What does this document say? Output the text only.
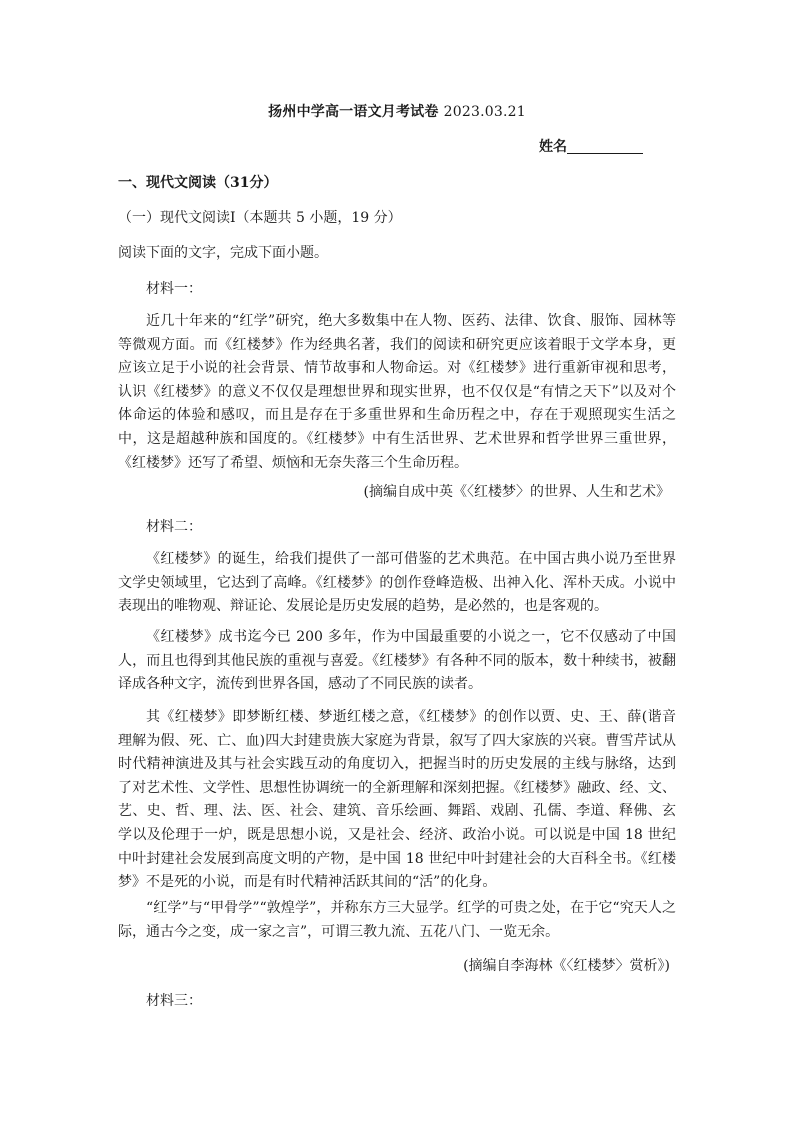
扬州中学高一语文月考试卷 2023.03.21
姓名
一、现代文阅读（31分）
（一）现代文阅读Ⅰ（本题共 5 小题，19 分）
阅读下面的文字，完成下面小题。
材料一：

近几十年来的“红学”研究，绝大多数集中在人物、医药、法律、饮食、服饰、园林等等微观方面。而《红楼梦》作为经典名著，我们的阅读和研究更应该着眼于文学本身，更应该立足于小说的社会背景、情节故事和人物命运。对《红楼梦》进行重新审视和思考，认识《红楼梦》的意义不仅仅是理想世界和现实世界，也不仅仅是“有情之天下”以及对个体命运的体验和感叹，而且是存在于多重世界和生命历程之中，存在于观照现实生活之中，这是超越种族和国度的。《红楼梦》中有生活世界、艺术世界和哲学世界三重世界，《红楼梦》还写了希望、烦恼和无奈失落三个生命历程。

(摘编自成中英《〈红楼梦〉的世界、人生和艺术》
材料二：

《红楼梦》的诞生，给我们提供了一部可借鉴的艺术典范。在中国古典小说乃至世界文学史领域里，它达到了高峰。《红楼梦》的创作登峰造极、出神入化、浑朴天成。小说中表现出的唯物观、辩证论、发展论是历史发展的趋势，是必然的，也是客观的。

《红楼梦》成书迄今已 200 多年，作为中国最重要的小说之一，它不仅感动了中国人，而且也得到其他民族的重视与喜爱。《红楼梦》有各种不同的版本，数十种续书，被翻译成各种文字，流传到世界各国，感动了不同民族的读者。

其《红楼梦》即梦断红楼、梦逝红楼之意，《红楼梦》的创作以贾、史、王、薛(谐音理解为假、死、亡、血)四大封建贵族大家庭为背景，叙写了四大家族的兴衰。曹雪芹试从时代精神演进及其与社会实践互动的角度切入，把握当时的历史发展的主线与脉络，达到了对艺术性、文学性、思想性协调统一的全新理解和深刻把握。《红楼梦》融政、经、文、艺、史、哲、理、法、医、社会、建筑、音乐绘画、舞蹈、戏剧、孔儒、李道、释佛、玄学以及伦理于一炉，既是思想小说，又是社会、经济、政治小说。可以说是中国 18 世纪中叶封建社会发展到高度文明的产物，是中国 18 世纪中叶封建社会的大百科全书。《红楼梦》不是死的小说，而是有时代精神活跃其间的“活”的化身。

“红学”与“甲骨学”“敦煌学”，并称东方三大显学。红学的可贵之处，在于它“究天人之际，通古今之变，成一家之言”，可谓三教九流、五花八门、一览无余。

(摘编自李海林《〈红楼梦〉赏析》)
材料三：
